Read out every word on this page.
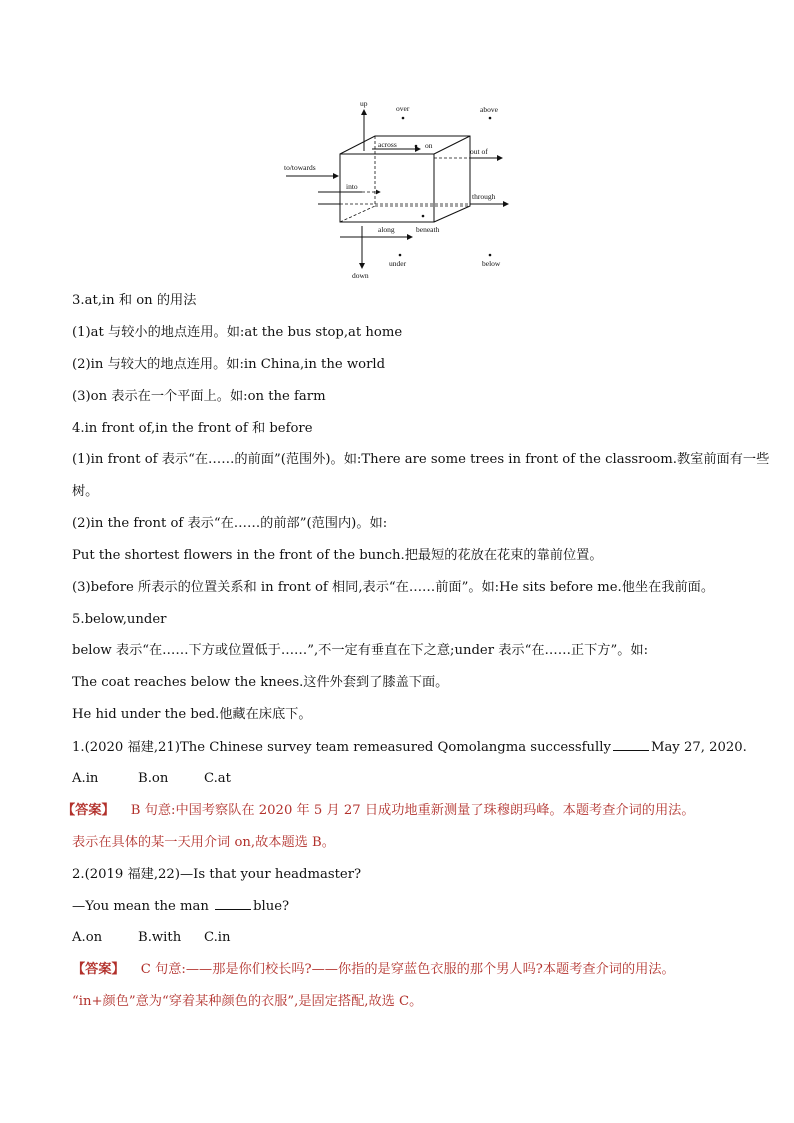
up
over	above
across	on
out of
to/towards
into
through
beneath
along
down
under	below
3.at,in 和 on 的用法
(1)at 与较小的地点连用。如:at the bus stop,at home
(2)in 与较大的地点连用。如:in China,in the world
(3)on 表示在一个平面上。如:on the farm
4.in front of,in the front of 和 before
(1)in front of 表示“在……的前面”(范围外)。如:There are some trees in front of the classroom.教室前面有一些
树。
(2)in the front of 表示“在……的前部”(范围内)。如:
Put the shortest flowers in the front of the bunch.把最短的花放在花束的靠前位置。
(3)before 所表示的位置关系和 in front of 相同,表示“在……前面”。如:He sits before me.他坐在我前面。
5.below,under
below 表示“在……下方或位置低于……”,不一定有垂直在下之意;under 表示“在……正下方”。如:
The coat reaches below the knees.这件外套到了膝盖下面。
He hid under the bed.他藏在床底下。
1.(2020 福建,21)The Chinese survey team remeasured Qomolangma successfully	May 27, 2020.
A.in	B.on	C.at
【答案】 B 句意:中国考察队在 2020 年 5 月 27 日成功地重新测量了珠穆朗玛峰。本题考查介词的用法。
表示在具体的某一天用介词 on,故本题选 B。
2.(2019 福建,22)—Is that your headmaster?
—You mean the man	blue?
A.on	B.with C.in
【答案】 C 句意:——那是你们校长吗?——你指的是穿蓝色衣服的那个男人吗?本题考查介词的用法。
“in+颜色”意为“穿着某种颜色的衣服”,是固定搭配,故选 C。
